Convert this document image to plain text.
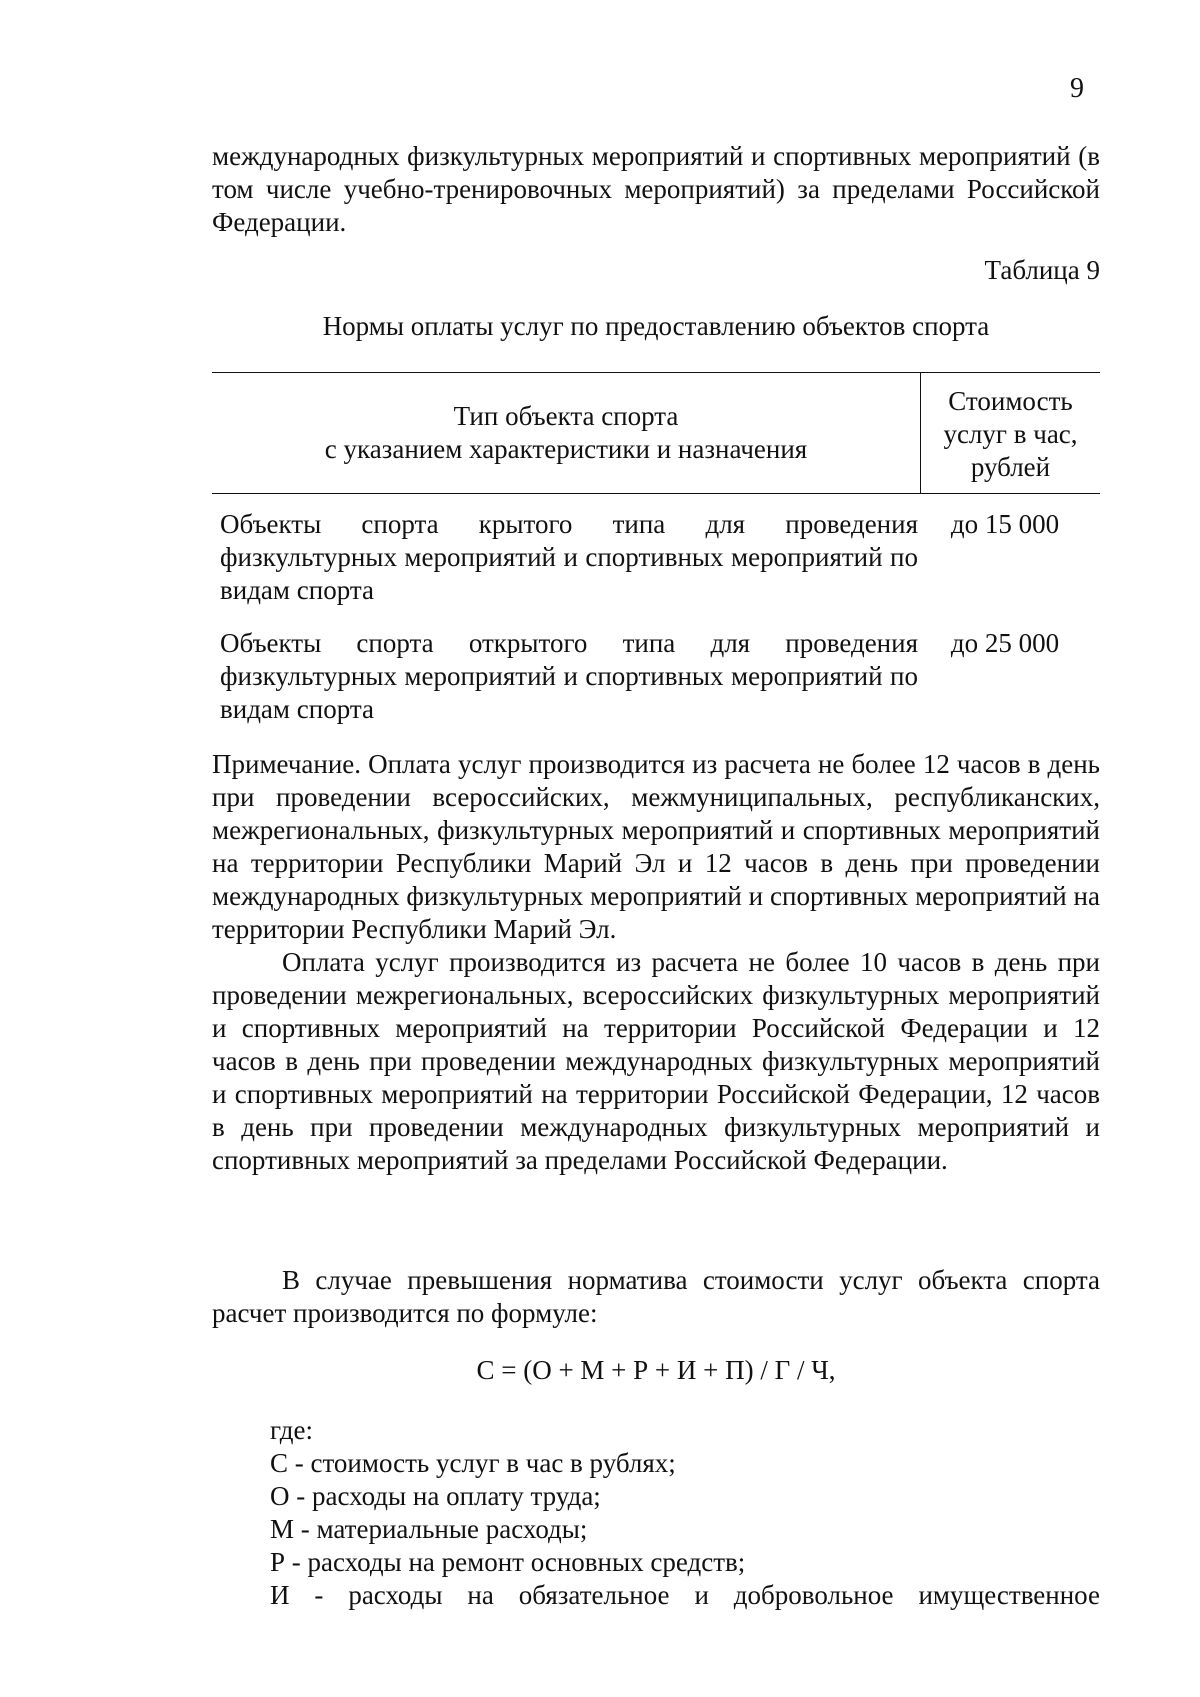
9
международных физкультурных мероприятий и спортивных мероприятий (в том числе учебно-тренировочных мероприятий) за пределами Российской Федерации.
Таблица 9
Нормы оплаты услуг по предоставлению объектов спорта
Тип объекта спорта
с указанием характеристики и назначения
Стоимость
услуг в час,
рублей
Объекты спорта крытого типа для проведения физкультурных мероприятий и спортивных мероприятий по видам спорта
до 15 000
Объекты спорта открытого типа для проведения физкультурных мероприятий и спортивных мероприятий по видам спорта
до 25 000
Примечание. Оплата услуг производится из расчета не более 12 часов в день при проведении всероссийских, межмуниципальных, республиканских, межрегиональных, физкультурных мероприятий и спортивных мероприятий на территории Республики Марий Эл и 12 часов в день при проведении международных физкультурных мероприятий и спортивных мероприятий на территории Республики Марий Эл.
Оплата услуг производится из расчета не более 10 часов в день при проведении межрегиональных, всероссийских физкультурных мероприятий и спортивных мероприятий на территории Российской Федерации и 12 часов в день при проведении международных физкультурных мероприятий и спортивных мероприятий на территории Российской Федерации, 12 часов в день при проведении международных физкультурных мероприятий и спортивных мероприятий за пределами Российской Федерации.
В случае превышения норматива стоимости услуг объекта спорта расчет производится по формуле:
С = (О + М + Р + И + П) / Г / Ч,
где:
С - стоимость услуг в час в рублях;
О - расходы на оплату труда;
М - материальные расходы;
Р - расходы на ремонт основных средств;
И - расходы на обязательное и добровольное имущественное
